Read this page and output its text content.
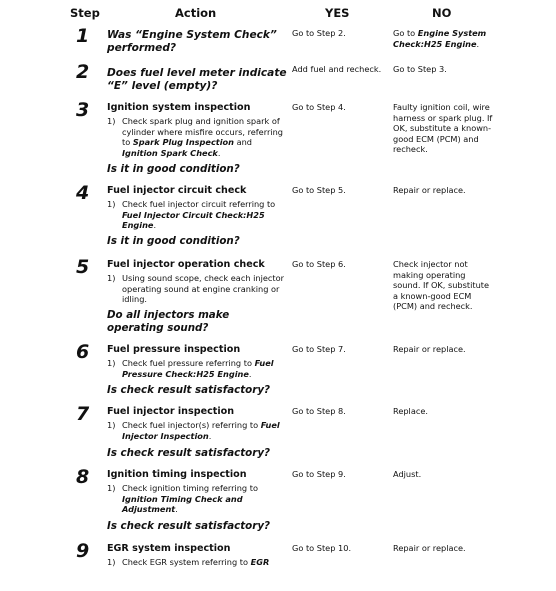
Step	Action	YES	NO
1 Was “Engine System Check” performed?
Go to Step 2.	Go to Engine System Check:H25 Engine.
2 Does fuel level meter indicate “E” level (empty)?
Add fuel and recheck.	Go to Step 3.
3 Ignition system inspection
1) Check spark plug and ignition spark of cylinder where misfire occurs, referring to Spark Plug Inspection and Ignition Spark Check.
Is it in good condition?
Go to Step 4.	Faulty ignition coil, wire harness or spark plug. If OK, substitute a known-good ECM (PCM) and recheck.
4 Fuel injector circuit check
1) Check fuel injector circuit referring to Fuel Injector Circuit Check:H25 Engine.
Is it in good condition?
Go to Step 5.	Repair or replace.
5 Fuel injector operation check
1) Using sound scope, check each injector operating sound at engine cranking or idling.
Do all injectors make operating sound?
Go to Step 6.	Check injector not making operating sound. If OK, substitute a known-good ECM (PCM) and recheck.
6 Fuel pressure inspection
1) Check fuel pressure referring to Fuel Pressure Check:H25 Engine.
Is check result satisfactory?
Go to Step 7.	Repair or replace.
7 Fuel injector inspection
1) Check fuel injector(s) referring to Fuel Injector Inspection.
Is check result satisfactory?
Go to Step 8.	Replace.
8 Ignition timing inspection
1) Check ignition timing referring to Ignition Timing Check and Adjustment.
Is check result satisfactory?
Go to Step 9.	Adjust.
9 EGR system inspection
1) Check EGR system referring to EGR
Go to Step 10.	Repair or replace.
